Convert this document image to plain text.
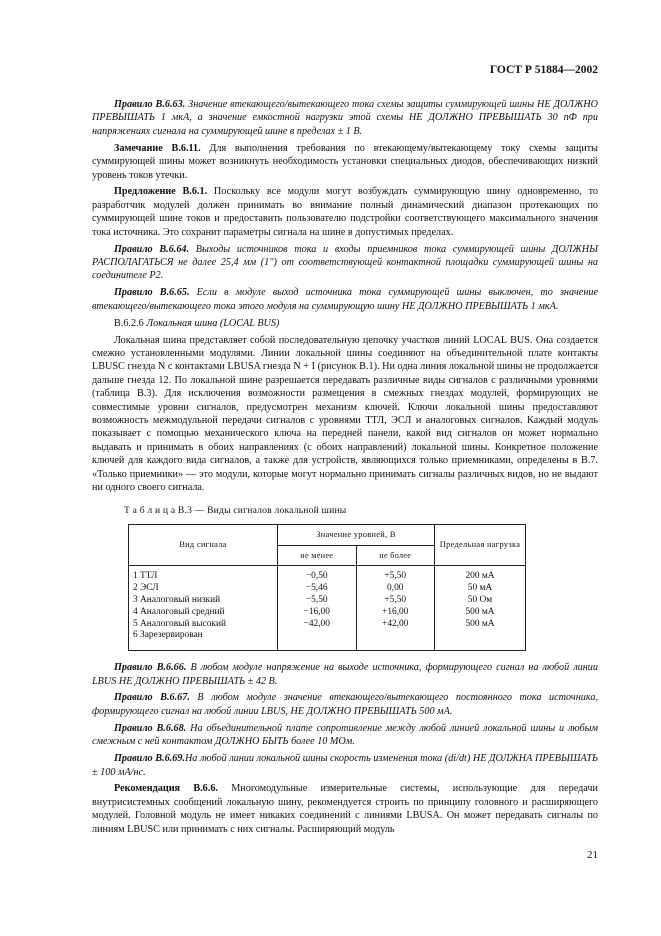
ГОСТ Р 51884—2002

Правило В.6.63. Значение втекающего/вытекающего тока схемы защиты суммирующей шины НЕ ДОЛЖНО ПРЕВЫШАТЬ 1 мкА, а значение емкостной нагрузки этой схемы НЕ ДОЛЖНО ПРЕВЫШАТЬ 30 пФ при напряжениях сигнала на суммирующей шине в пределах ± 1 В.

Замечание В.6.11. Для выполнения требования по втекающему/вытекающему току схемы защиты суммирующей шины может возникнуть необходимость установки специальных диодов, обеспечивающих низкий уровень токов утечки.

Предложение В.6.1. Поскольку все модули могут возбуждать суммирующую шину одновременно, то разработчик модулей должен принимать во внимание полный динамический диапазон протекающих по суммирующей шине токов и предоставить пользователю подстройки соответствующего максимального значения тока источника. Это сохранит параметры сигнала на шине в допустимых пределах.

Правило В.6.64. Выходы источников тока и входы приемников тока суммирующей шины ДОЛЖНЫ РАСПОЛАГАТЬСЯ не далее 25,4 мм (1") от соответствующей контактной площадки суммирующей шины на соединителе Р2.

Правило В.6.65. Если в модуле выход источника тока суммирующей шины выключен, то значение втекающего/вытекающего тока этого модуля на суммирующую шину НЕ ДОЛЖНО ПРЕВЫШАТЬ 1 мкА.

В.6.2.6 Локальная шина (LOCAL BUS)

Локальная шина представляет собой последовательную цепочку участков линий LOCAL BUS. Она создается смежно установленными модулями. Линии локальной шины соединяют на объединительной плате контакты LBUSC гнезда N с контактами LBUSA гнезда N + I (рисунок В.1). Ни одна линия локальной шины не продолжается дальше гнезда 12. По локальной шине разрешается передавать различные виды сигналов с различными уровнями (таблица В.3). Для исключения возможности размещения в смежных гнездах модулей, формирующих не совместимые уровни сигналов, предусмотрен механизм ключей. Ключи локальной шины предоставляют возможность межмодульной передачи сигналов с уровнями ТТЛ, ЭСЛ и аналоговых сигналов. Каждый модуль показывает с помощью механического ключа на передней панели, какой вид сигналов он может нормально выдавать и принимать в обоих направлениях (с обоих направлений) локальной шины. Конкретное положение ключей для каждого вида сигналов, а также для устройств, являющихся только приемниками, определены в В.7. «Только приемники» — это модули, которые могут нормально принимать сигналы различных видов, но не выдают ни одного своего сигнала.

Т а б л и ц а В.3 — Виды сигналов локальной шины
Вид сигнала	Значение уровней, В		Предельная нагрузка
	не менее	не более	
1 ТТЛ	−0,50	+5,50	200 мА
2 ЭСЛ	−5,46	0,00	50 мА
3 Аналоговый низкий	−5,50	+5,50	50 Ом
4 Аналоговый средний	−16,00	+16,00	500 мА
5 Аналоговый высокий	−42,00	+42,00	500 мА
6 Зарезервирован			

Правило В.6.66. В любом модуле напряжение на выходе источника, формирующего сигнал на любой линии LBUS НЕ ДОЛЖНО ПРЕВЫШАТЬ ± 42 В.

Правило В.6.67. В любом модуле значение втекающего/вытекающего постоянного тока источника, формирующего сигнал на любой линии LBUS, НЕ ДОЛЖНО ПРЕВЫШАТЬ 500 мА.

Правило В.6.68. На объединительной плате сопротивление между любой линией локальной шины и любым смежным с ней контактом ДОЛЖНО БЫТЬ более 10 МОм.

Правило В.6.69.На любой линии локальной шины скорость изменения тока (di/dt) НЕ ДОЛЖНА ПРЕВЫШАТЬ ± 100 мА/нс.

Рекомендация В.6.6. Многомодульные измерительные системы, использующие для передачи внутрисистемных сообщений локальную шину, рекомендуется строить по принципу головного и расширяющего модулей. Головной модуль не имеет никаких соединений с линиями LBUSA. Он может передавать сигналы по линиям LBUSC или принимать с них сигналы. Расширяющий модуль

21
